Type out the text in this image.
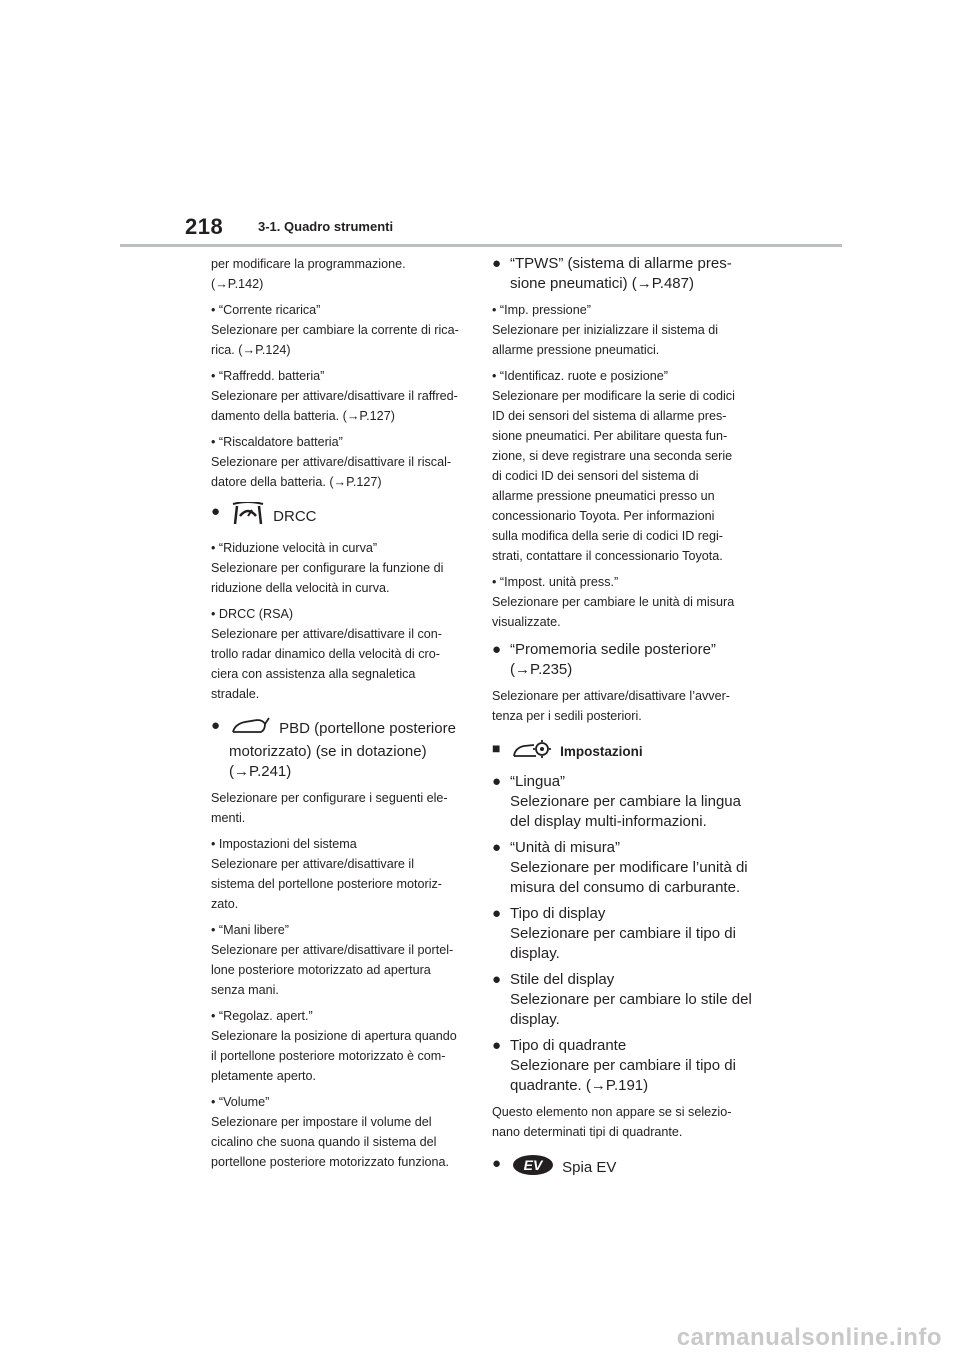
218	3-1. Quadro strumenti
per modificare la programmazione.
(→P.142)
• “Corrente ricarica”
Selezionare per cambiare la corrente di rica-
rica. (→P.124)
• “Raffredd. batteria”
Selezionare per attivare/disattivare il raffred-
damento della batteria. (→P.127)
• “Riscaldatore batteria”
Selezionare per attivare/disattivare il riscal-
datore della batteria. (→P.127)
●	DRCC
• “Riduzione velocità in curva”
Selezionare per configurare la funzione di
riduzione della velocità in curva.
• DRCC (RSA)
Selezionare per attivare/disattivare il con-
trollo radar dinamico della velocità di cro-
ciera con assistenza alla segnaletica
stradale.
●	PBD (portellone posteriore
motorizzato) (se in dotazione)
(→P.241)
Selezionare per configurare i seguenti ele-
menti.
• Impostazioni del sistema
Selezionare per attivare/disattivare il
sistema del portellone posteriore motoriz-
zato.
• “Mani libere”
Selezionare per attivare/disattivare il portel-
lone posteriore motorizzato ad apertura
senza mani.
• “Regolaz. apert.”
Selezionare la posizione di apertura quando
il portellone posteriore motorizzato è com-
pletamente aperto.
• “Volume”
Selezionare per impostare il volume del
cicalino che suona quando il sistema del
portellone posteriore motorizzato funziona.
● “TPWS” (sistema di allarme pres-
sione pneumatici) (→P.487)
• “Imp. pressione”
Selezionare per inizializzare il sistema di
allarme pressione pneumatici.
• “Identificaz. ruote e posizione”
Selezionare per modificare la serie di codici
ID dei sensori del sistema di allarme pres-
sione pneumatici. Per abilitare questa fun-
zione, si deve registrare una seconda serie
di codici ID dei sensori del sistema di
allarme pressione pneumatici presso un
concessionario Toyota. Per informazioni
sulla modifica della serie di codici ID regi-
strati, contattare il concessionario Toyota.
• “Impost. unità press.”
Selezionare per cambiare le unità di misura
visualizzate.
● “Promemoria sedile posteriore”
(→P.235)
Selezionare per attivare/disattivare l’avver-
tenza per i sedili posteriori.
■	Impostazioni
● “Lingua”
Selezionare per cambiare la lingua
del display multi-informazioni.
● “Unità di misura”
Selezionare per modificare l’unità di
misura del consumo di carburante.
● Tipo di display
Selezionare per cambiare il tipo di
display.
● Stile del display
Selezionare per cambiare lo stile del
display.
● Tipo di quadrante
Selezionare per cambiare il tipo di
quadrante. (→P.191)
Questo elemento non appare se si selezio-
nano determinati tipi di quadrante.
● EV Spia EV
carmanualsonline.info
